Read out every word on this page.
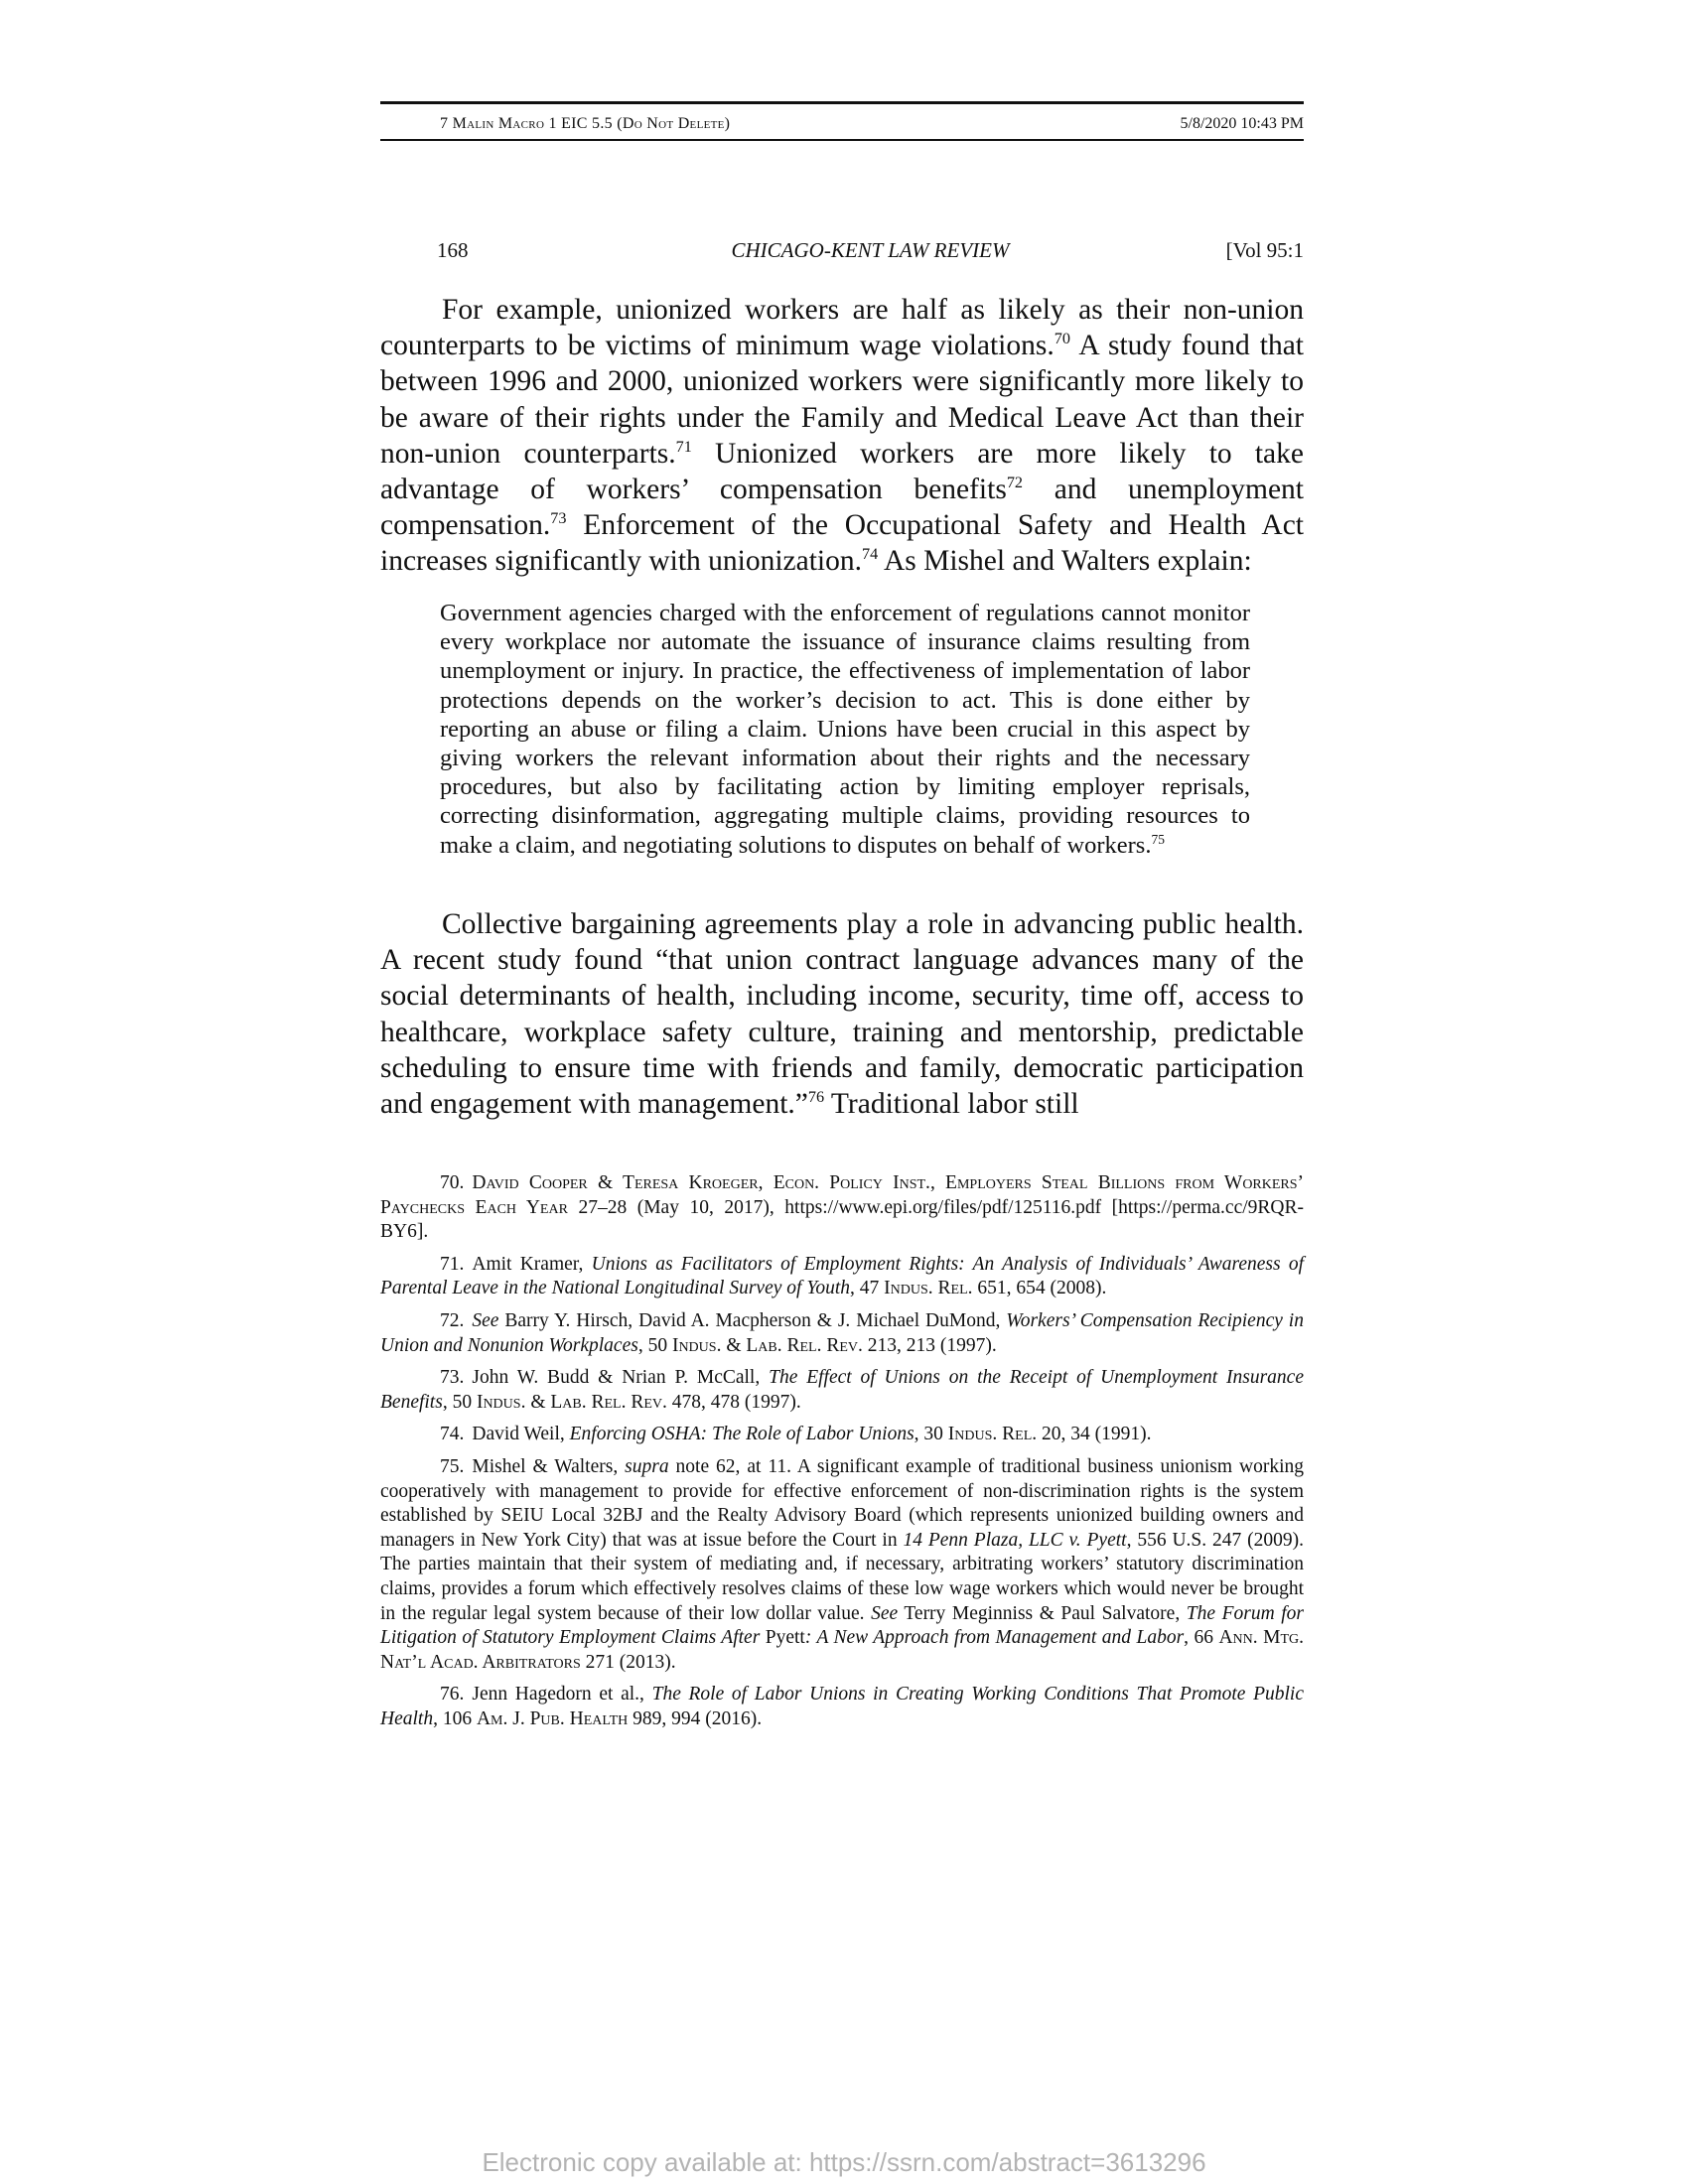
7 Malin Macro 1 EIC 5.5 (Do Not Delete)	5/8/2020 10:43 PM
168	CHICAGO-KENT LAW REVIEW	[Vol 95:1

For example, unionized workers are half as likely as their non-union counterparts to be victims of minimum wage violations.$^{70}$ A study found that between 1996 and 2000, unionized workers were significantly more likely to be aware of their rights under the Family and Medical Leave Act than their non-union counterparts.$^{71}$ Unionized workers are more likely to take advantage of workers’ compensation benefits$^{72}$ and unemployment compensation.$^{73}$ Enforcement of the Occupational Safety and Health Act increases significantly with unionization.$^{74}$ As Mishel and Walters explain:

Government agencies charged with the enforcement of regulations cannot monitor every workplace nor automate the issuance of insurance claims resulting from unemployment or injury. In practice, the effectiveness of implementation of labor protections depends on the worker’s decision to act. This is done either by reporting an abuse or filing a claim. Unions have been crucial in this aspect by giving workers the relevant information about their rights and the necessary procedures, but also by facilitating action by limiting employer reprisals, correcting disinformation, aggregating multiple claims, providing resources to make a claim, and negotiating solutions to disputes on behalf of workers.$^{75}$

Collective bargaining agreements play a role in advancing public health. A recent study found “that union contract language advances many of the social determinants of health, including income, security, time off, access to healthcare, workplace safety culture, training and mentorship, predictable scheduling to ensure time with friends and family, democratic participation and engagement with management.”$^{76}$ Traditional labor still

70. David Cooper & Teresa Kroeger, Econ. Policy Inst., Employers Steal Billions from Workers’ Paychecks Each Year 27–28 (May 10, 2017), https://www.epi.org/files/pdf/125116.pdf [https://perma.cc/9RQR-BY6].

71. Amit Kramer, Unions as Facilitators of Employment Rights: An Analysis of Individuals’ Awareness of Parental Leave in the National Longitudinal Survey of Youth, 47 Indus. Rel. 651, 654 (2008).

72. See Barry Y. Hirsch, David A. Macpherson & J. Michael DuMond, Workers’ Compensation Recipiency in Union and Nonunion Workplaces, 50 Indus. & Lab. Rel. Rev. 213, 213 (1997).

73. John W. Budd & Nrian P. McCall, The Effect of Unions on the Receipt of Unemployment Insurance Benefits, 50 Indus. & Lab. Rel. Rev. 478, 478 (1997).

74. David Weil, Enforcing OSHA: The Role of Labor Unions, 30 Indus. Rel. 20, 34 (1991).

75. Mishel & Walters, supra note 62, at 11. A significant example of traditional business unionism working cooperatively with management to provide for effective enforcement of non-discrimination rights is the system established by SEIU Local 32BJ and the Realty Advisory Board (which represents unionized building owners and managers in New York City) that was at issue before the Court in 14 Penn Plaza, LLC v. Pyett, 556 U.S. 247 (2009). The parties maintain that their system of mediating and, if necessary, arbitrating workers’ statutory discrimination claims, provides a forum which effectively resolves claims of these low wage workers which would never be brought in the regular legal system because of their low dollar value. See Terry Meginniss & Paul Salvatore, The Forum for Litigation of Statutory Employment Claims After Pyett: A New Approach from Management and Labor, 66 Ann. Mtg. Nat’l Acad. Arbitrators 271 (2013).

76. Jenn Hagedorn et al., The Role of Labor Unions in Creating Working Conditions That Promote Public Health, 106 Am. J. Pub. Health 989, 994 (2016).

Electronic copy available at: https://ssrn.com/abstract=3613296
